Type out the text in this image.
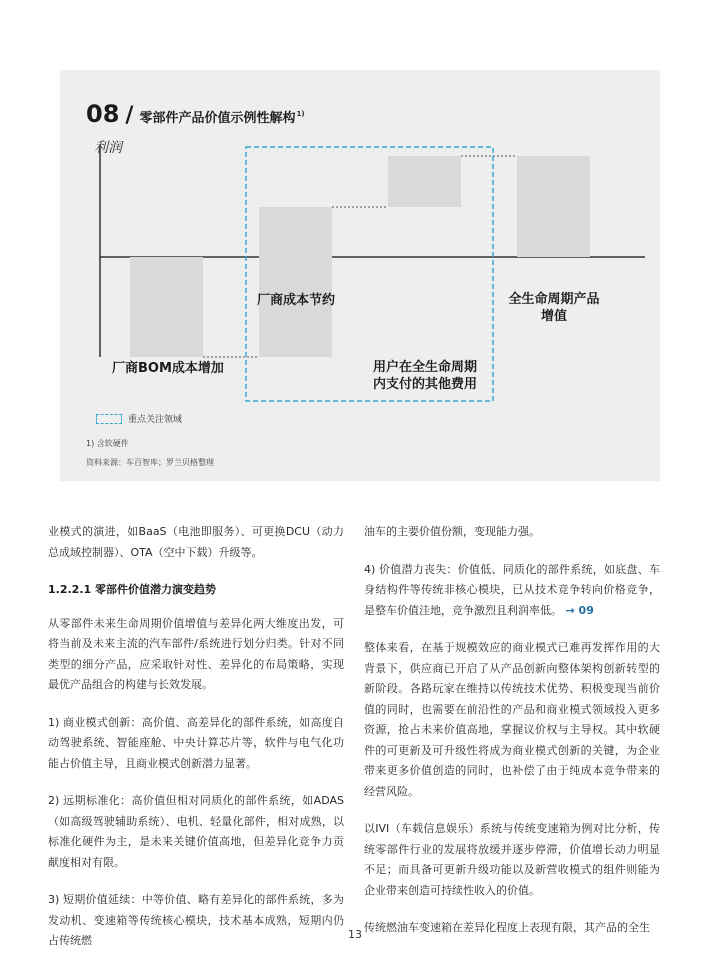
08 / 零部件产品价值示例性解构 1)
利润
厂商BOM成本增加
厂商成本节约
用户在全生命周期
内支付的其他费用
全生命周期产品
增值
重点关注领域
1) 含软硬件
资料来源：车百智库；罗兰贝格整理

业模式的演进，如BaaS（电池即服务）、可更换DCU（动力总成域控制器）、OTA（空中下载）升级等。

1.2.2.1 零部件价值潜力演变趋势

从零部件未来生命周期价值增值与差异化两大维度出发，可将当前及未来主流的汽车部件/系统进行划分归类。针对不同类型的细分产品，应采取针对性、差异化的布局策略，实现最优产品组合的构建与长效发展。

1) 商业模式创新：高价值、高差异化的部件系统，如高度自动驾驶系统、智能座舱、中央计算芯片等，软件与电气化功能占价值主导，且商业模式创新潜力显著。

2) 远期标准化：高价值但相对同质化的部件系统，如ADAS（如高级驾驶辅助系统）、电机、轻量化部件，相对成熟，以标准化硬件为主，是未来关键价值高地，但差异化竞争力贡献度相对有限。

3) 短期价值延续：中等价值、略有差异化的部件系统，多为发动机、变速箱等传统核心模块，技术基本成熟，短期内仍占传统燃

油车的主要价值份额，变现能力强。

4) 价值潜力丧失：价值低、同质化的部件系统，如底盘、车身结构件等传统非核心模块，已从技术竞争转向价格竞争，是整车价值洼地，竞争激烈且利润率低。 → 09

整体来看，在基于规模效应的商业模式已难再发挥作用的大背景下，供应商已开启了从产品创新向整体架构创新转型的新阶段。各路玩家在维持以传统技术优势、积极变现当前价值的同时，也需要在前沿性的产品和商业模式领域投入更多资源，抢占未来价值高地，掌握议价权与主导权。其中软硬件的可更新及可升级性将成为商业模式创新的关键，为企业带来更多价值创造的同时，也补偿了由于纯成本竞争带来的经营风险。

以IVI（车载信息娱乐）系统与传统变速箱为例对比分析，传统零部件行业的发展将放缓并逐步停滞，价值增长动力明显不足；而具备可更新升级功能以及新营收模式的组件则能为企业带来创造可持续性收入的价值。

传统燃油车变速箱在差异化程度上表现有限，其产品的全生

13
